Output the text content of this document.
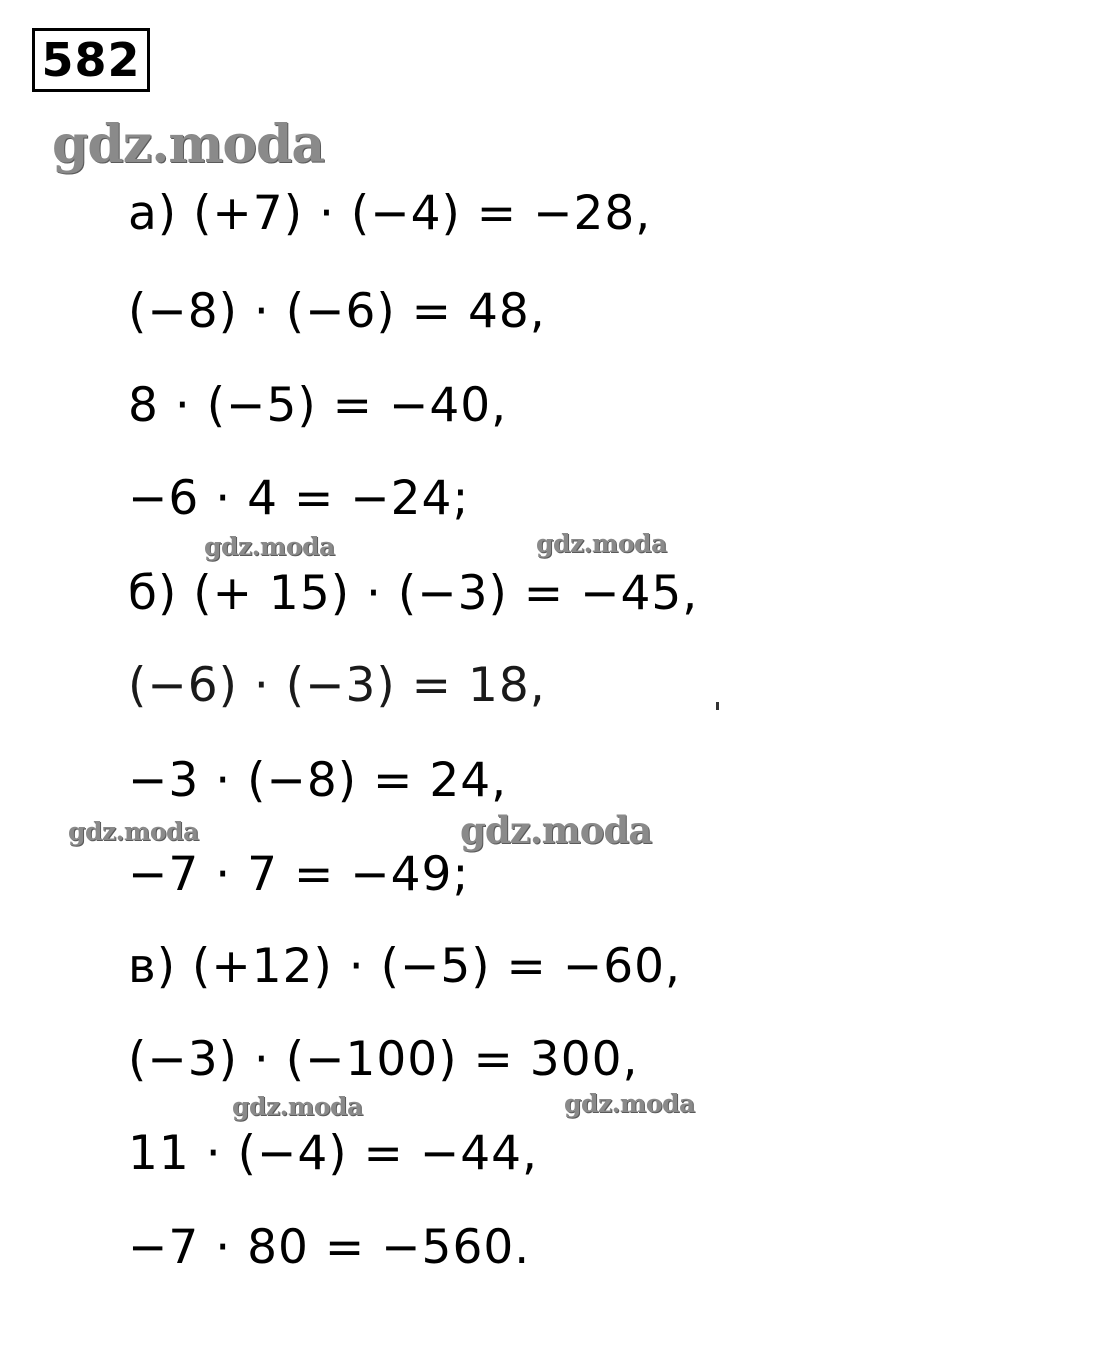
582
а) (+7) · (−4) = −28,
(−8) · (−6) = 48,
8 · (−5) = −40,
−6 · 4 = −24;
б) (+ 15) · (−3) = −45,
(−6) · (−3) = 18,
−3 · (−8) = 24,
−7 · 7 = −49;
в) (+12) · (−5) = −60,
(−3) · (−100) = 300,
11 · (−4) = −44,
−7 · 80 = −560.
gdz.moda
gdz.moda	gdz.moda
gdz.moda	gdz.moda
gdz.moda	gdz.moda
